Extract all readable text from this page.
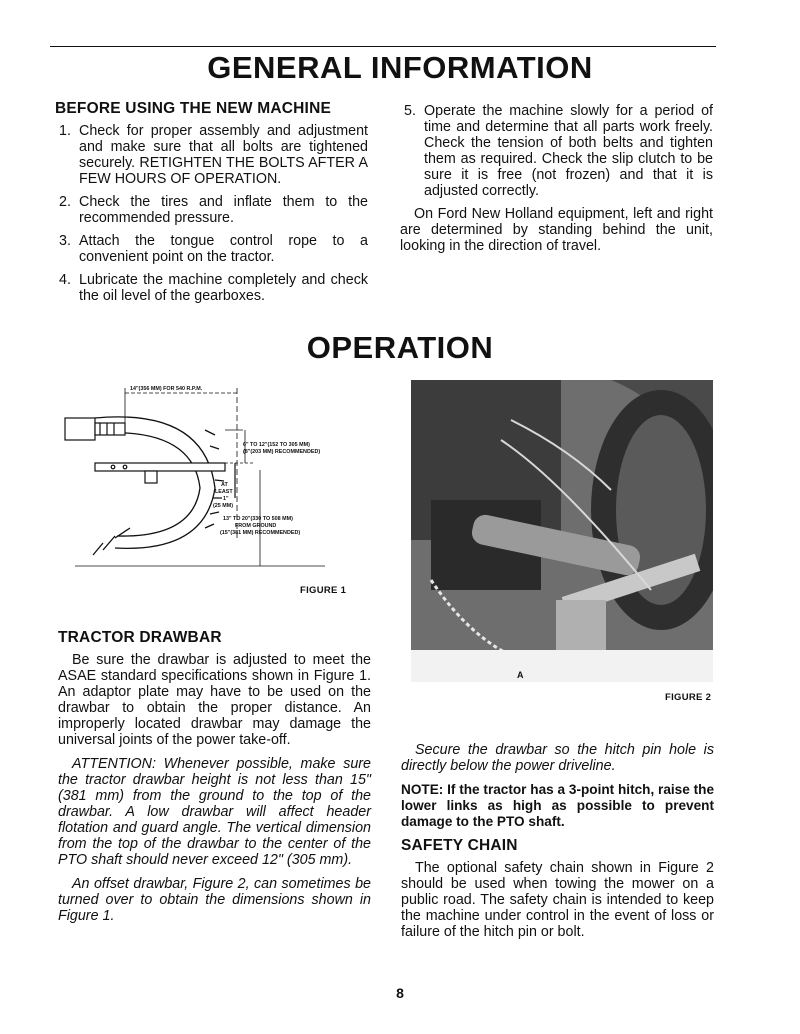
GENERAL INFORMATION
BEFORE USING THE NEW MACHINE
1. Check for proper assembly and adjustment and make sure that all bolts are tightened securely. RETIGHTEN THE BOLTS AFTER A FEW HOURS OF OPERATION.
2. Check the tires and inflate them to the recommended pressure.
3. Attach the tongue control rope to a convenient point on the tractor.
4. Lubricate the machine completely and check the oil level of the gearboxes.
5. Operate the machine slowly for a period of time and determine that all parts work freely. Check the tension of both belts and tighten them as required. Check the slip clutch to be sure it is free (not frozen) and that it is adjusted correctly.

On Ford New Holland equipment, left and right are determined by standing behind the unit, looking in the direction of travel.

OPERATION
14"(356 MM) FOR 540 R.P.M.
6" TO 12"(152 TO 305 MM)
(8"(203 MM) RECOMMENDED)
AT
LEAST
1"
(25 MM)
13" TO 20"(330 TO 508 MM)
FROM GROUND
(15"(381 MM) RECOMMENDED)
FIGURE 1
A
FIGURE 2
TRACTOR DRAWBAR

Be sure the drawbar is adjusted to meet the ASAE standard specifications shown in Figure 1. An adaptor plate may have to be used on the drawbar to obtain the proper distance. An improperly located drawbar may damage the universal joints of the power take-off.

ATTENTION: Whenever possible, make sure the tractor drawbar height is not less than 15" (381 mm) from the ground to the top of the drawbar. A low drawbar will affect header flotation and guard angle. The vertical dimension from the top of the drawbar to the center of the PTO shaft should never exceed 12" (305 mm).

An offset drawbar, Figure 2, can sometimes be turned over to obtain the dimensions shown in Figure 1.

Secure the drawbar so the hitch pin hole is directly below the power driveline.

NOTE: If the tractor has a 3-point hitch, raise the lower links as high as possible to prevent damage to the PTO shaft.

SAFETY CHAIN

The optional safety chain shown in Figure 2 should be used when towing the mower on a public road. The safety chain is intended to keep the machine under control in the event of loss or failure of the hitch pin or bolt.

8
